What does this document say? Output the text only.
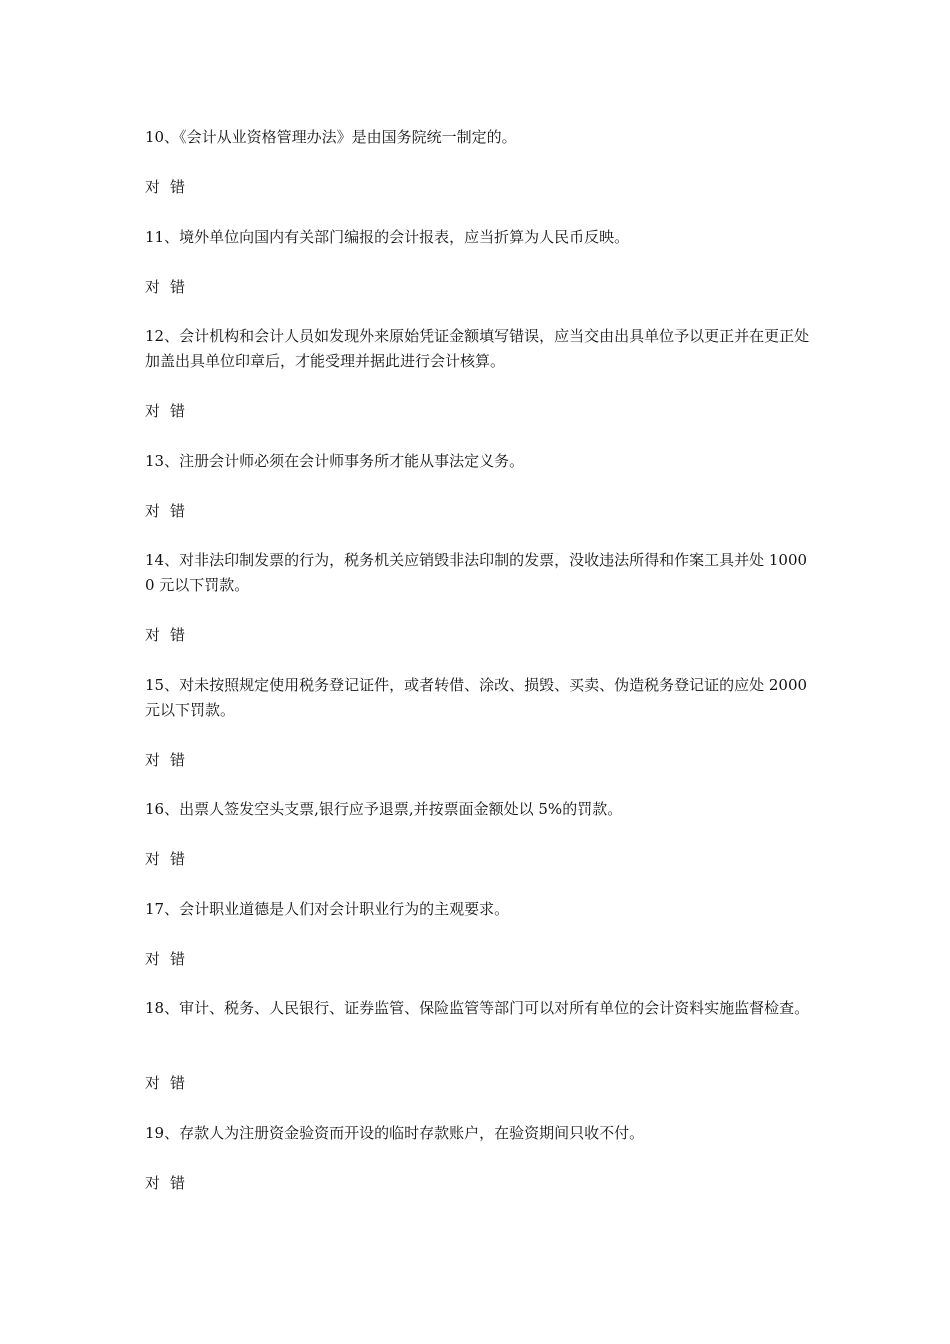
10、《会计从业资格管理办法》是由国务院统一制定的。

对 错

11、境外单位向国内有关部门编报的会计报表，应当折算为人民币反映。

对 错

12、会计机构和会计人员如发现外来原始凭证金额填写错误，应当交由出具单位予以更正并在更正处加盖出具单位印章后，才能受理并据此进行会计核算。

对 错

13、注册会计师必须在会计师事务所才能从事法定义务。

对 错

14、对非法印制发票的行为，税务机关应销毁非法印制的发票，没收违法所得和作案工具并处 10000 元以下罚款。

对 错

15、对未按照规定使用税务登记证件，或者转借、涂改、损毁、买卖、伪造税务登记证的应处 2000 元以下罚款。

对 错

16、出票人签发空头支票,银行应予退票,并按票面金额处以 5%的罚款。

对 错

17、会计职业道德是人们对会计职业行为的主观要求。

对 错

18、审计、税务、人民银行、证券监管、保险监管等部门可以对所有单位的会计资料实施监督检查。

对 错

19、存款人为注册资金验资而开设的临时存款账户，在验资期间只收不付。

对 错
